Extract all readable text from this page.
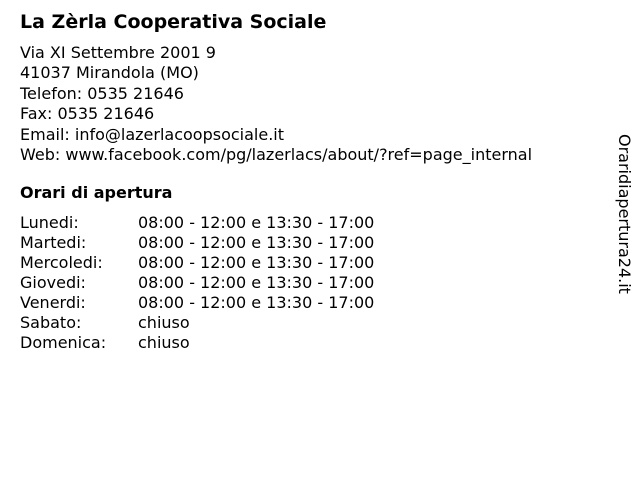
La Zèrla Cooperativa Sociale
Via XI Settembre 2001 9
41037 Mirandola (MO)
Telefon: 0535 21646
Fax: 0535 21646
Email: info@lazerlacoopsociale.it
Web: www.facebook.com/pg/lazerlacs/about/?ref=page_internal
Orari di apertura
Lunedi:	08:00 - 12:00 e 13:30 - 17:00
Martedi:	08:00 - 12:00 e 13:30 - 17:00
Mercoledi: 08:00 - 12:00 e 13:30 - 17:00
Giovedi:	08:00 - 12:00 e 13:30 - 17:00
Venerdi:	08:00 - 12:00 e 13:30 - 17:00
Sabato:	chiuso
Domenica: chiuso
Oraridiapertura24.it
